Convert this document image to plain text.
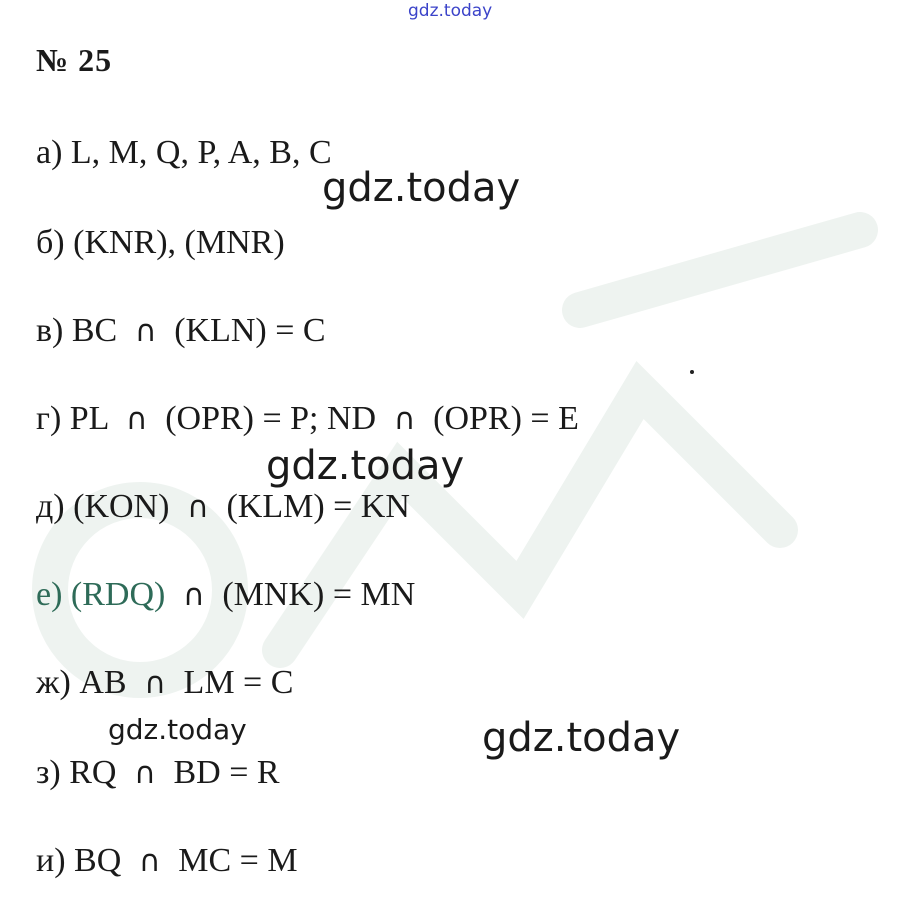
gdz.today
№ 25
а) L, M, Q, P, A, B, C
б) (KNR), (MNR)
в) BC ∩ (KLN) = C
г) PL ∩ (OPR) = P; ND ∩ (OPR) = E
д) (KON) ∩ (KLM) = KN
е) (RDQ) ∩ (MNK) = MN
ж) AB ∩ LM = C
з) RQ ∩ BD = R
и) BQ ∩ MC = M
gdz.today
gdz.today
gdz.today	gdz.today
